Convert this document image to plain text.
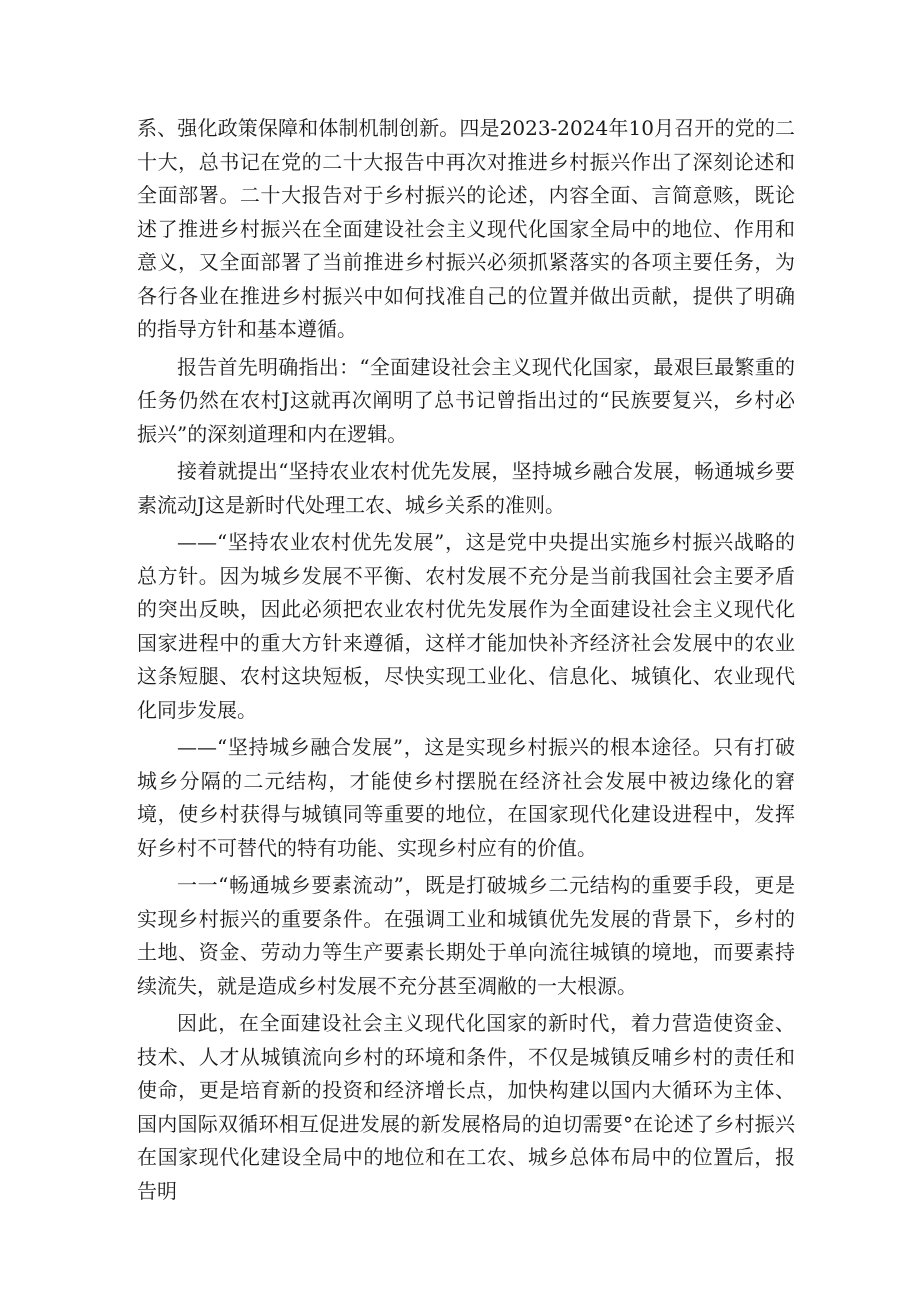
系、强化政策保障和体制机制创新。四是2023-2024年10月召开的党的二十大，总书记在党的二十大报告中再次对推进乡村振兴作出了深刻论述和全面部署。二十大报告对于乡村振兴的论述，内容全面、言简意赅，既论述了推进乡村振兴在全面建设社会主义现代化国家全局中的地位、作用和意义，又全面部署了当前推进乡村振兴必须抓紧落实的各项主要任务，为各行各业在推进乡村振兴中如何找准自己的位置并做出贡献，提供了明确的指导方针和基本遵循。

报告首先明确指出：“全面建设社会主义现代化国家，最艰巨最繁重的任务仍然在农村J这就再次阐明了总书记曾指出过的“民族要复兴，乡村必振兴”的深刻道理和内在逻辑。

接着就提出“坚持农业农村优先发展，坚持城乡融合发展，畅通城乡要素流动J这是新时代处理工农、城乡关系的准则。

——“坚持农业农村优先发展”，这是党中央提出实施乡村振兴战略的总方针。因为城乡发展不平衡、农村发展不充分是当前我国社会主要矛盾的突出反映，因此必须把农业农村优先发展作为全面建设社会主义现代化国家进程中的重大方针来遵循，这样才能加快补齐经济社会发展中的农业这条短腿、农村这块短板，尽快实现工业化、信息化、城镇化、农业现代化同步发展。

——“坚持城乡融合发展”，这是实现乡村振兴的根本途径。只有打破城乡分隔的二元结构，才能使乡村摆脱在经济社会发展中被边缘化的窘境，使乡村获得与城镇同等重要的地位，在国家现代化建设进程中，发挥好乡村不可替代的特有功能、实现乡村应有的价值。

一一“畅通城乡要素流动”，既是打破城乡二元结构的重要手段，更是实现乡村振兴的重要条件。在强调工业和城镇优先发展的背景下，乡村的土地、资金、劳动力等生产要素长期处于单向流往城镇的境地，而要素持续流失，就是造成乡村发展不充分甚至凋敝的一大根源。

因此，在全面建设社会主义现代化国家的新时代，着力营造使资金、技术、人才从城镇流向乡村的环境和条件，不仅是城镇反哺乡村的责任和使命，更是培育新的投资和经济增长点，加快构建以国内大循环为主体、国内国际双循环相互促进发展的新发展格局的迫切需要°在论述了乡村振兴在国家现代化建设全局中的地位和在工农、城乡总体布局中的位置后，报告明
